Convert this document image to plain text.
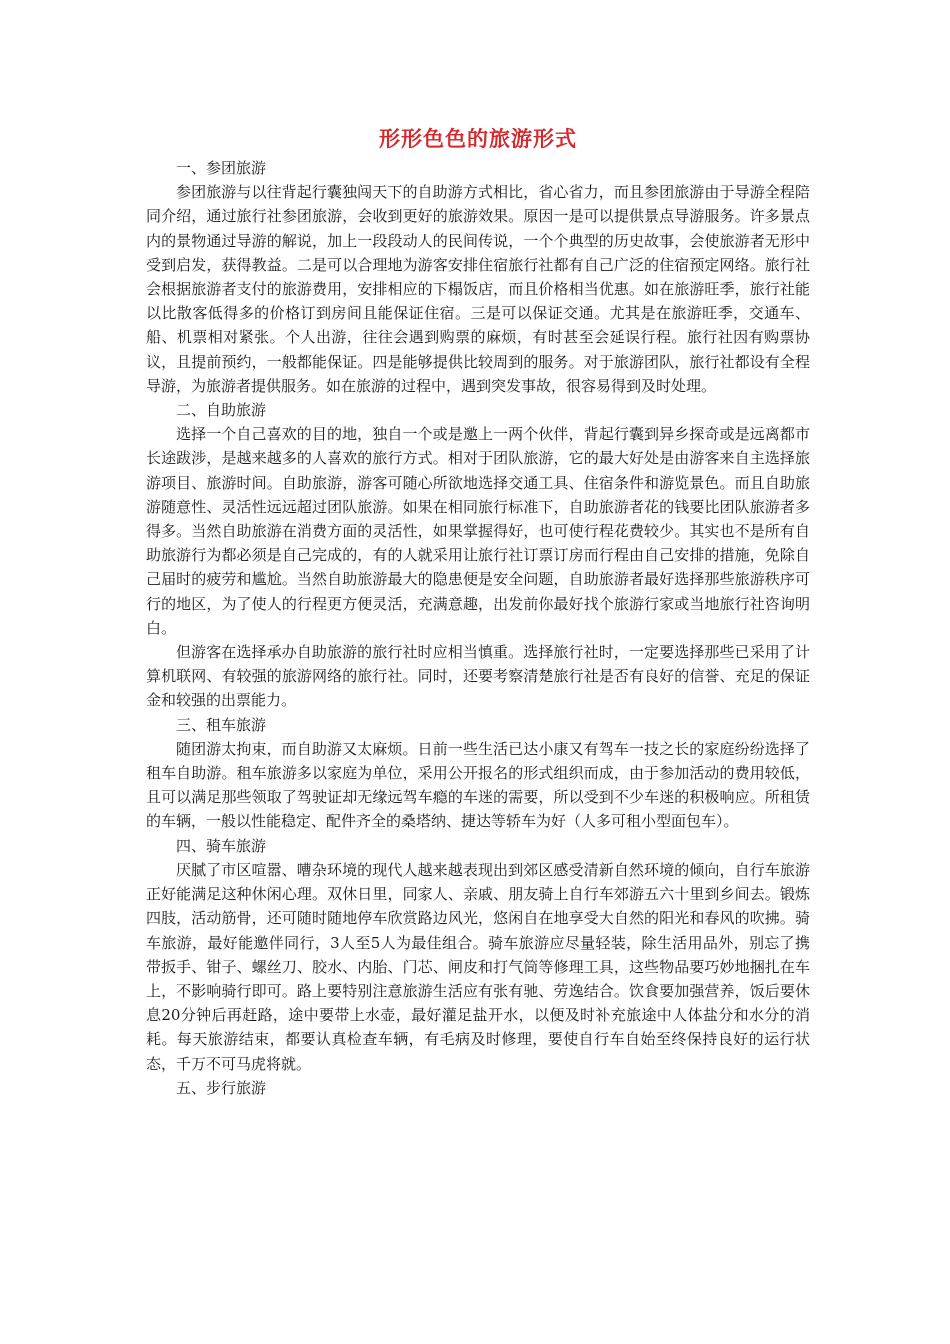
形形色色的旅游形式

一、参团旅游

参团旅游与以往背起行囊独闯天下的自助游方式相比，省心省力，而且参团旅游由于导游全程陪同介绍，通过旅行社参团旅游，会收到更好的旅游效果。原因一是可以提供景点导游服务。许多景点内的景物通过导游的解说，加上一段段动人的民间传说，一个个典型的历史故事，会使旅游者无形中受到启发，获得教益。二是可以合理地为游客安排住宿旅行社都有自己广泛的住宿预定网络。旅行社会根据旅游者支付的旅游费用，安排相应的下榻饭店，而且价格相当优惠。如在旅游旺季，旅行社能以比散客低得多的价格订到房间且能保证住宿。三是可以保证交通。尤其是在旅游旺季，交通车、船、机票相对紧张。个人出游，往往会遇到购票的麻烦，有时甚至会延误行程。旅行社因有购票协议，且提前预约，一般都能保证。四是能够提供比较周到的服务。对于旅游团队，旅行社都设有全程导游，为旅游者提供服务。如在旅游的过程中，遇到突发事故，很容易得到及时处理。

二、自助旅游

选择一个自己喜欢的目的地，独自一个或是邀上一两个伙伴，背起行囊到异乡探奇或是远离都市长途跋涉，是越来越多的人喜欢的旅行方式。相对于团队旅游，它的最大好处是由游客来自主选择旅游项目、旅游时间。自助旅游，游客可随心所欲地选择交通工具、住宿条件和游览景色。而且自助旅游随意性、灵活性远远超过团队旅游。如果在相同旅行标准下，自助旅游者花的钱要比团队旅游者多得多。当然自助旅游在消费方面的灵活性，如果掌握得好，也可使行程花费较少。其实也不是所有自助旅游行为都必须是自己完成的，有的人就采用让旅行社订票订房而行程由自己安排的措施，免除自己届时的疲劳和尴尬。当然自助旅游最大的隐患便是安全问题，自助旅游者最好选择那些旅游秩序可行的地区，为了使人的行程更方便灵活，充满意趣，出发前你最好找个旅游行家或当地旅行社咨询明白。

但游客在选择承办自助旅游的旅行社时应相当慎重。选择旅行社时，一定要选择那些已采用了计算机联网、有较强的旅游网络的旅行社。同时，还要考察清楚旅行社是否有良好的信誉、充足的保证金和较强的出票能力。

三、租车旅游

随团游太拘束，而自助游又太麻烦。日前一些生活已达小康又有驾车一技之长的家庭纷纷选择了租车自助游。租车旅游多以家庭为单位，采用公开报名的形式组织而成，由于参加活动的费用较低，且可以满足那些领取了驾驶证却无缘远驾车瘾的车迷的需要，所以受到不少车迷的积极响应。所租赁的车辆，一般以性能稳定、配件齐全的桑塔纳、捷达等轿车为好（人多可租小型面包车）。

四、骑车旅游

厌腻了市区喧嚣、嘈杂环境的现代人越来越表现出到郊区感受清新自然环境的倾向，自行车旅游正好能满足这种休闲心理。双休日里，同家人、亲戚、朋友骑上自行车郊游五六十里到乡间去。锻炼四肢，活动筋骨，还可随时随地停车欣赏路边风光，悠闲自在地享受大自然的阳光和春风的吹拂。骑车旅游，最好能邀伴同行，3人至5人为最佳组合。骑车旅游应尽量轻装，除生活用品外，别忘了携带扳手、钳子、螺丝刀、胶水、内胎、门芯、闸皮和打气筒等修理工具，这些物品要巧妙地捆扎在车上，不影响骑行即可。路上要特别注意旅游生活应有张有驰、劳逸结合。饮食要加强营养，饭后要休息20分钟后再赶路，途中要带上水壶，最好灌足盐开水，以便及时补充旅途中人体盐分和水分的消耗。每天旅游结束，都要认真检查车辆，有毛病及时修理，要使自行车自始至终保持良好的运行状态，千万不可马虎将就。

五、步行旅游
